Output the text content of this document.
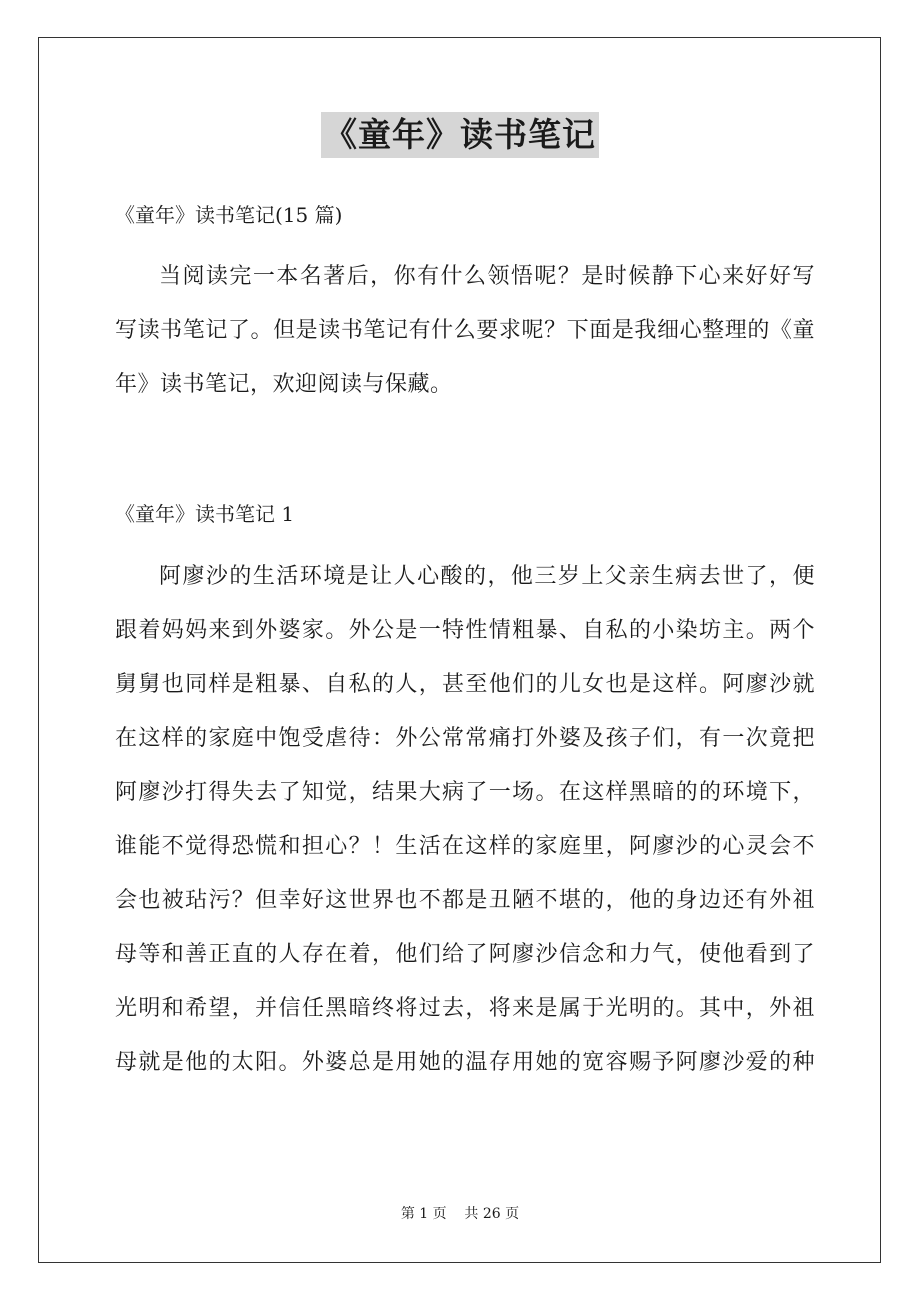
《童年》读书笔记
《童年》读书笔记(15 篇)
当阅读完一本名著后，你有什么领悟呢？是时候静下心来好好写
写读书笔记了。但是读书笔记有什么要求呢？下面是我细心整理的《童
年》读书笔记，欢迎阅读与保藏。
《童年》读书笔记 1
阿廖沙的生活环境是让人心酸的，他三岁上父亲生病去世了，便
跟着妈妈来到外婆家。外公是一特性情粗暴、自私的小染坊主。两个
舅舅也同样是粗暴、自私的人，甚至他们的儿女也是这样。阿廖沙就
在这样的家庭中饱受虐待：外公常常痛打外婆及孩子们，有一次竟把
阿廖沙打得失去了知觉，结果大病了一场。在这样黑暗的的环境下，
谁能不觉得恐慌和担心？！生活在这样的家庭里，阿廖沙的心灵会不
会也被玷污？但幸好这世界也不都是丑陋不堪的，他的身边还有外祖
母等和善正直的人存在着，他们给了阿廖沙信念和力气，使他看到了
光明和希望，并信任黑暗终将过去，将来是属于光明的。其中，外祖
母就是他的太阳。外婆总是用她的温存用她的宽容赐予阿廖沙爱的种
第 1 页    共 26 页
